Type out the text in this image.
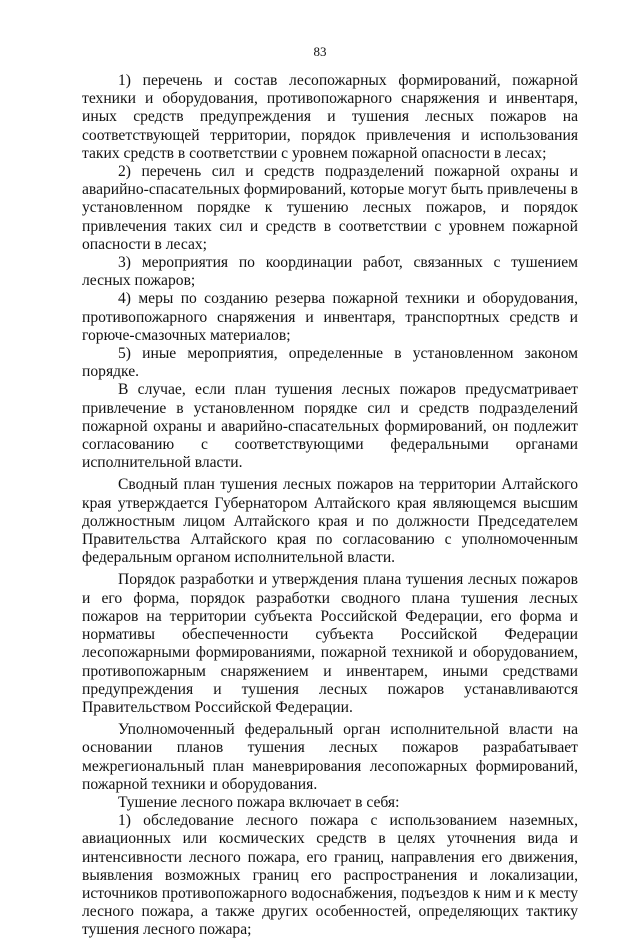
83

1) перечень и состав лесопожарных формирований, пожарной техники и оборудования, противопожарного снаряжения и инвентаря, иных средств предупреждения и тушения лесных пожаров на соответствующей территории, порядок привлечения и использования таких средств в соответствии с уровнем пожарной опасности в лесах;

2) перечень сил и средств подразделений пожарной охраны и аварийно-спасательных формирований, которые могут быть привлечены в установленном порядке к тушению лесных пожаров, и порядок привлечения таких сил и средств в соответствии с уровнем пожарной опасности в лесах;

3) мероприятия по координации работ, связанных с тушением лесных пожаров;

4) меры по созданию резерва пожарной техники и оборудования, противопожарного снаряжения и инвентаря, транспортных средств и горюче-смазочных материалов;

5) иные мероприятия, определенные в установленном законом порядке.

В случае, если план тушения лесных пожаров предусматривает привлечение в установленном порядке сил и средств подразделений пожарной охраны и аварийно-спасательных формирований, он подлежит согласованию с соответствующими федеральными органами исполнительной власти.

Сводный план тушения лесных пожаров на территории Алтайского края утверждается Губернатором Алтайского края являющемся высшим должностным лицом Алтайского края и по должности Председателем Правительства Алтайского края по согласованию с уполномоченным федеральным органом исполнительной власти.

Порядок разработки и утверждения плана тушения лесных пожаров и его форма, порядок разработки сводного плана тушения лесных пожаров на территории субъекта Российской Федерации, его форма и нормативы обеспеченности субъекта Российской Федерации лесопожарными формированиями, пожарной техникой и оборудованием, противопожарным снаряжением и инвентарем, иными средствами предупреждения и тушения лесных пожаров устанавливаются Правительством Российской Федерации.

Уполномоченный федеральный орган исполнительной власти на основании планов тушения лесных пожаров разрабатывает межрегиональный план маневрирования лесопожарных формирований, пожарной техники и оборудования.

Тушение лесного пожара включает в себя:

1) обследование лесного пожара с использованием наземных, авиационных или космических средств в целях уточнения вида и интенсивности лесного пожара, его границ, направления его движения, выявления возможных границ его распространения и локализации, источников противопожарного водоснабжения, подъездов к ним и к месту лесного пожара, а также других особенностей, определяющих тактику тушения лесного пожара;
